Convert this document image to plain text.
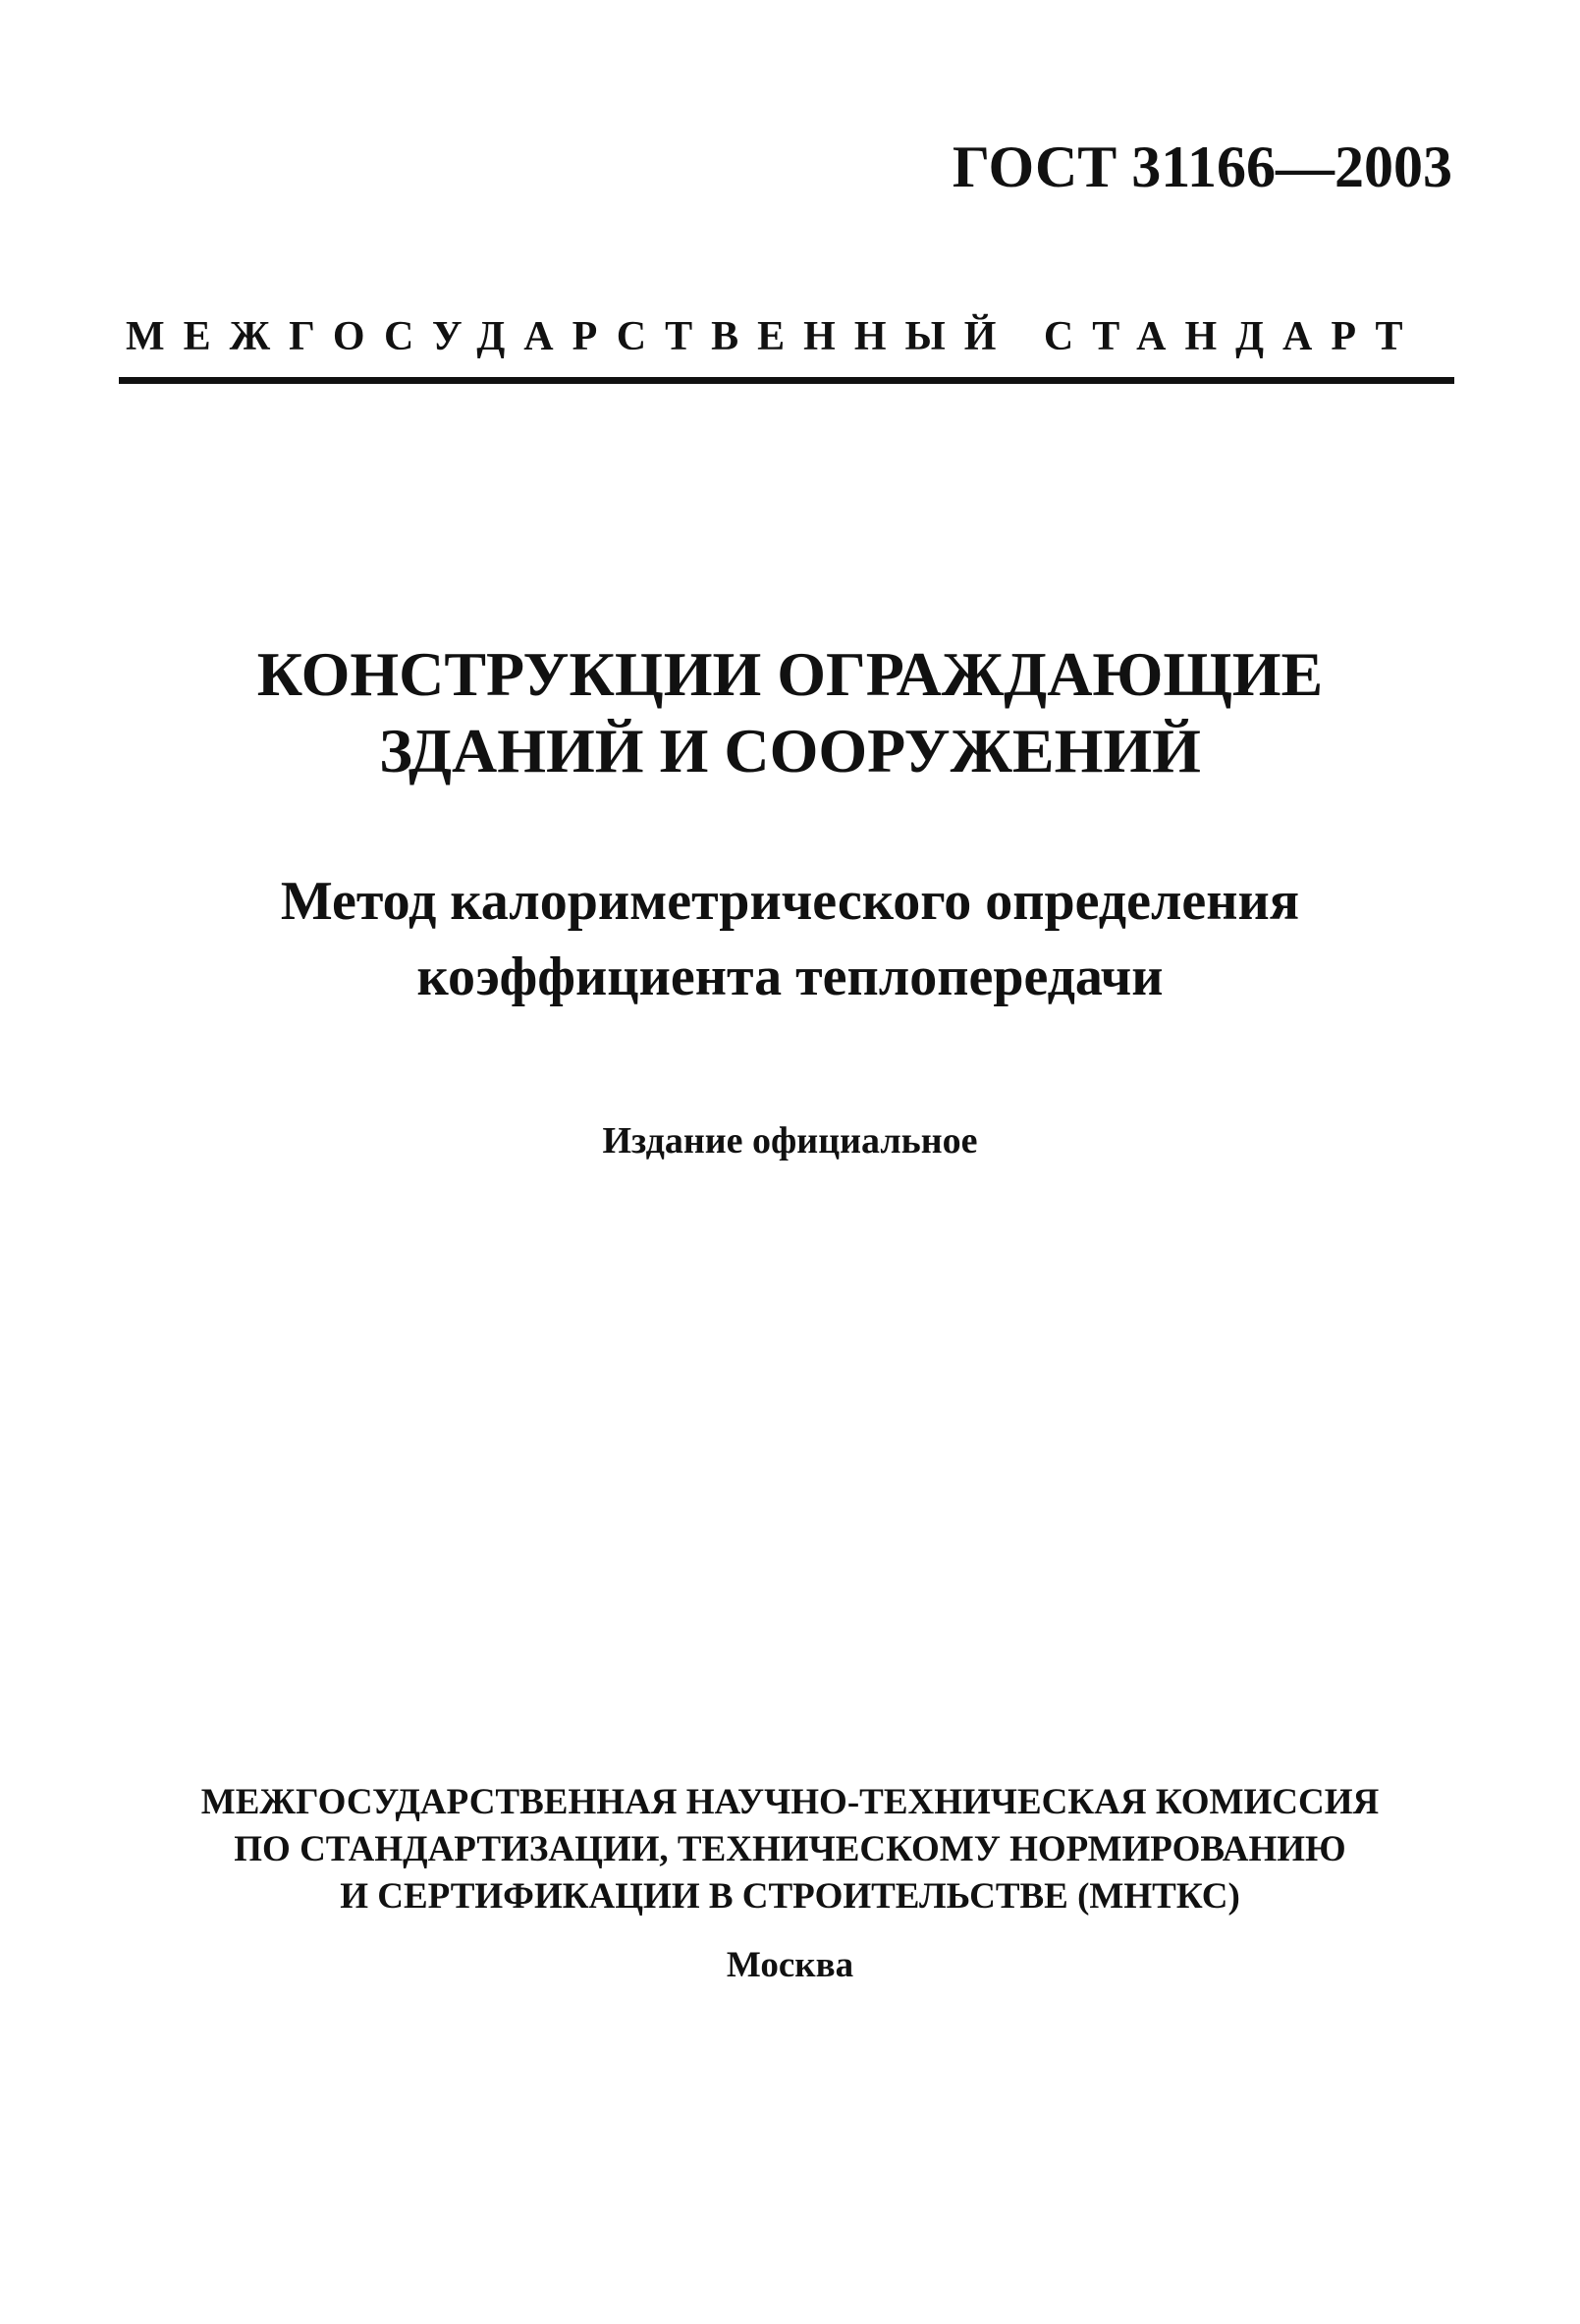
ГОСТ 31166—2003
МЕЖГОСУДАРСТВЕННЫЙ СТАНДАРТ
КОНСТРУКЦИИ ОГРАЖДАЮЩИЕ
ЗДАНИЙ И СООРУЖЕНИЙ
Метод калориметрического определения
коэффициента теплопередачи
Издание официальное
МЕЖГОСУДАРСТВЕННАЯ НАУЧНО-ТЕХНИЧЕСКАЯ КОМИССИЯ
ПО СТАНДАРТИЗАЦИИ, ТЕХНИЧЕСКОМУ НОРМИРОВАНИЮ
И СЕРТИФИКАЦИИ В СТРОИТЕЛЬСТВЕ (МНТКС)
Москва
